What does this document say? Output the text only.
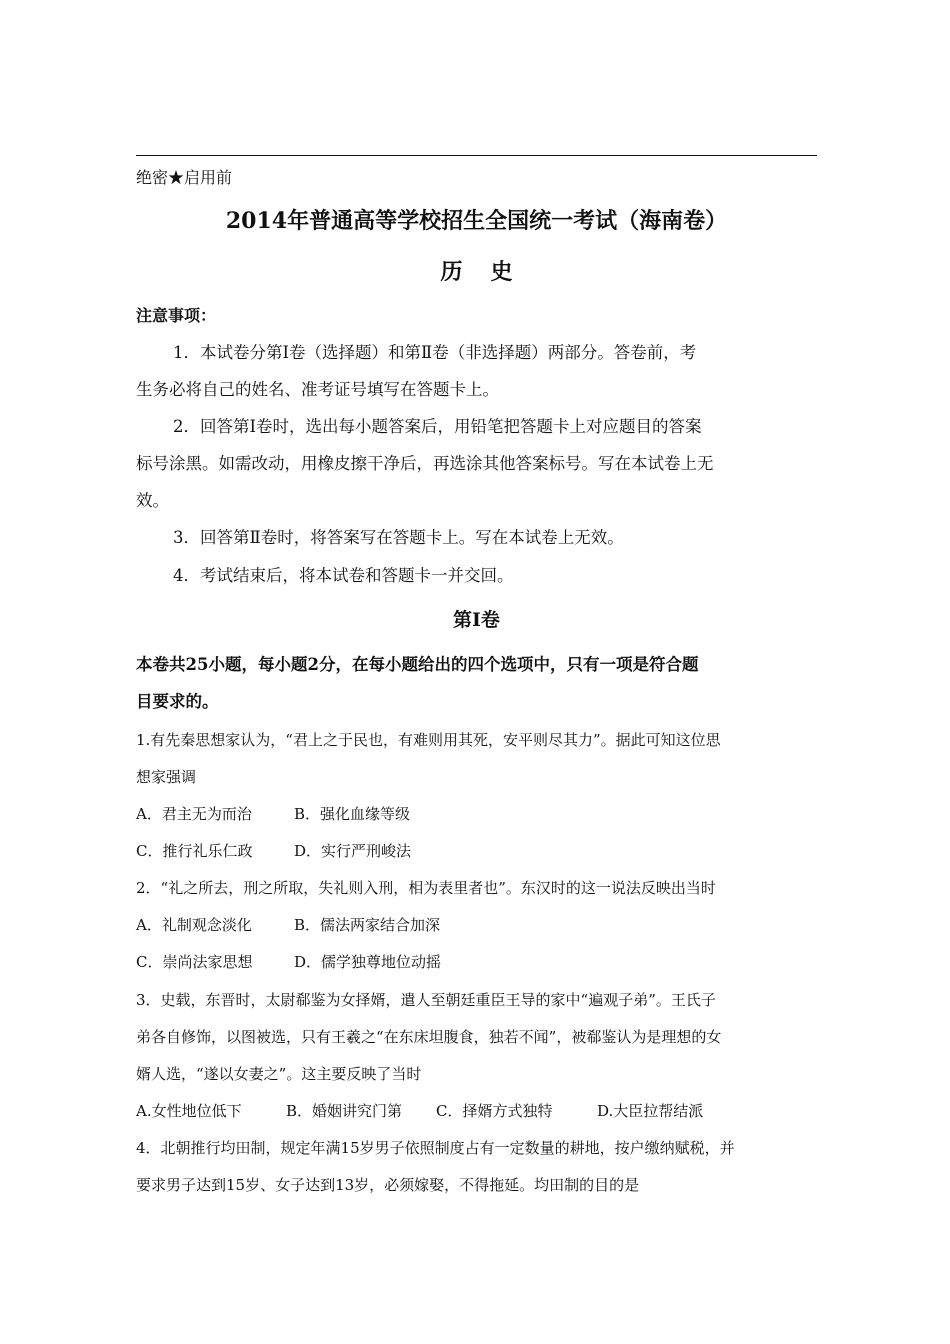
绝密★启用前
2014年普通高等学校招生全国统一考试（海南卷）
历史
注意事项：
1．本试卷分第Ⅰ卷（选择题）和第Ⅱ卷（非选择题）两部分。答卷前，考
生务必将自己的姓名、准考证号填写在答题卡上。
2．回答第Ⅰ卷时，选出每小题答案后，用铅笔把答题卡上对应题目的答案
标号涂黑。如需改动，用橡皮擦干净后，再选涂其他答案标号。写在本试卷上无
效。
3．回答第Ⅱ卷时，将答案写在答题卡上。写在本试卷上无效。
4．考试结束后，将本试卷和答题卡一并交回。
第Ⅰ卷
本卷共25小题，每小题2分，在每小题给出的四个选项中，只有一项是符合题
目要求的。
1.有先秦思想家认为，“君上之于民也，有难则用其死，安平则尽其力”。据此可知这位思
想家强调
A．君主无为而治	B．强化血缘等级
C．推行礼乐仁政	D．实行严刑峻法
2．“礼之所去，刑之所取，失礼则入刑，相为表里者也”。东汉时的这一说法反映出当时
A．礼制观念淡化	B．儒法两家结合加深
C．崇尚法家思想	D．儒学独尊地位动摇
3．史载，东晋时，太尉郗鉴为女择婿，遣人至朝廷重臣王导的家中“遍观子弟”。王氏子
弟各自修饰，以图被选，只有王羲之“在东床坦腹食，独若不闻”，被郗鉴认为是理想的女
婿人选，“遂以女妻之”。这主要反映了当时
A.女性地位低下	B．婚姻讲究门第 C．择婿方式独特	D.大臣拉帮结派
4．北朝推行均田制，规定年满15岁男子依照制度占有一定数量的耕地，按户缴纳赋税，并
要求男子达到15岁、女子达到13岁，必须嫁娶，不得拖延。均田制的目的是
